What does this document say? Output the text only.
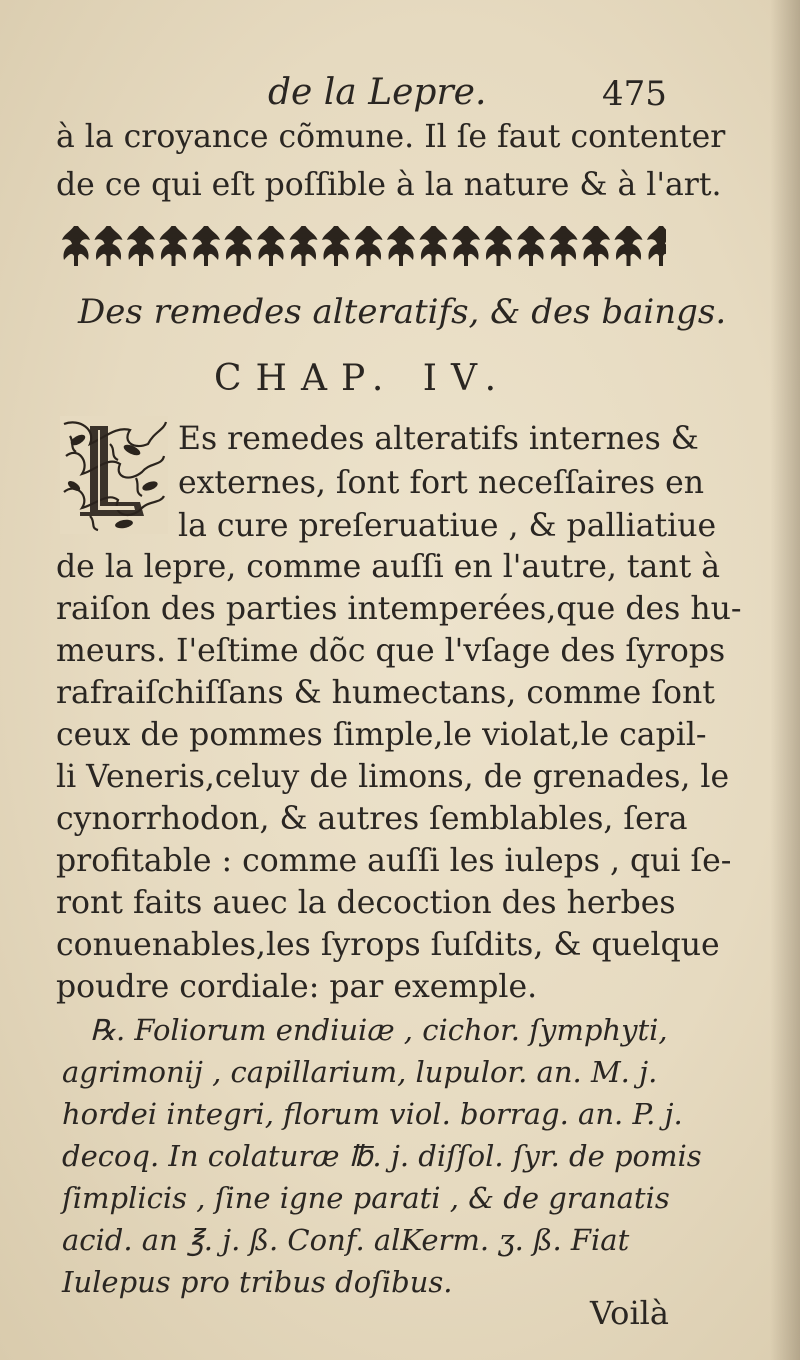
de la Lepre.	475
à la croyance cõmune. Il ſe faut contenter
de ce qui eſt poſſible à la nature & à l'art.
Des remedes alteratifs, & des baings.
CHAP. IV.
Es remedes alteratifs internes &
externes, ſont fort neceſſaires en
la cure preſeruatiue , & palliatiue
de la lepre, comme auſſi en l'autre, tant à
raiſon des parties intemperées,que des hu-
meurs. I'eſtime dõc que l'vſage des ſyrops
rafraiſchiſſans & humectans, comme ſont
ceux de pommes ſimple,le violat,le capil-
li Veneris,celuy de limons, de grenades, le
cynorrhodon, & autres ſemblables, ſera
profitable : comme auſſi les iuleps , qui ſe-
ront faits auec la decoction des herbes
conuenables,les ſyrops ſuſdits, & quelque
poudre cordiale: par exemple.
℞. Foliorum endiuiæ , cichor. ſymphyti,
agrimonij , capillarium, lupulor. an. M. j.
hordei integri, florum viol. borrag. an. P. j.
decoq. In colaturæ ℔. j. diſſol. ſyr. de pomis
ſimplicis , ſine igne parati , & de granatis
acid. an ℥. j. ß. Conf. alKerm. ʒ. ß. Fiat
Iulepus pro tribus doſibus.
Voilà
